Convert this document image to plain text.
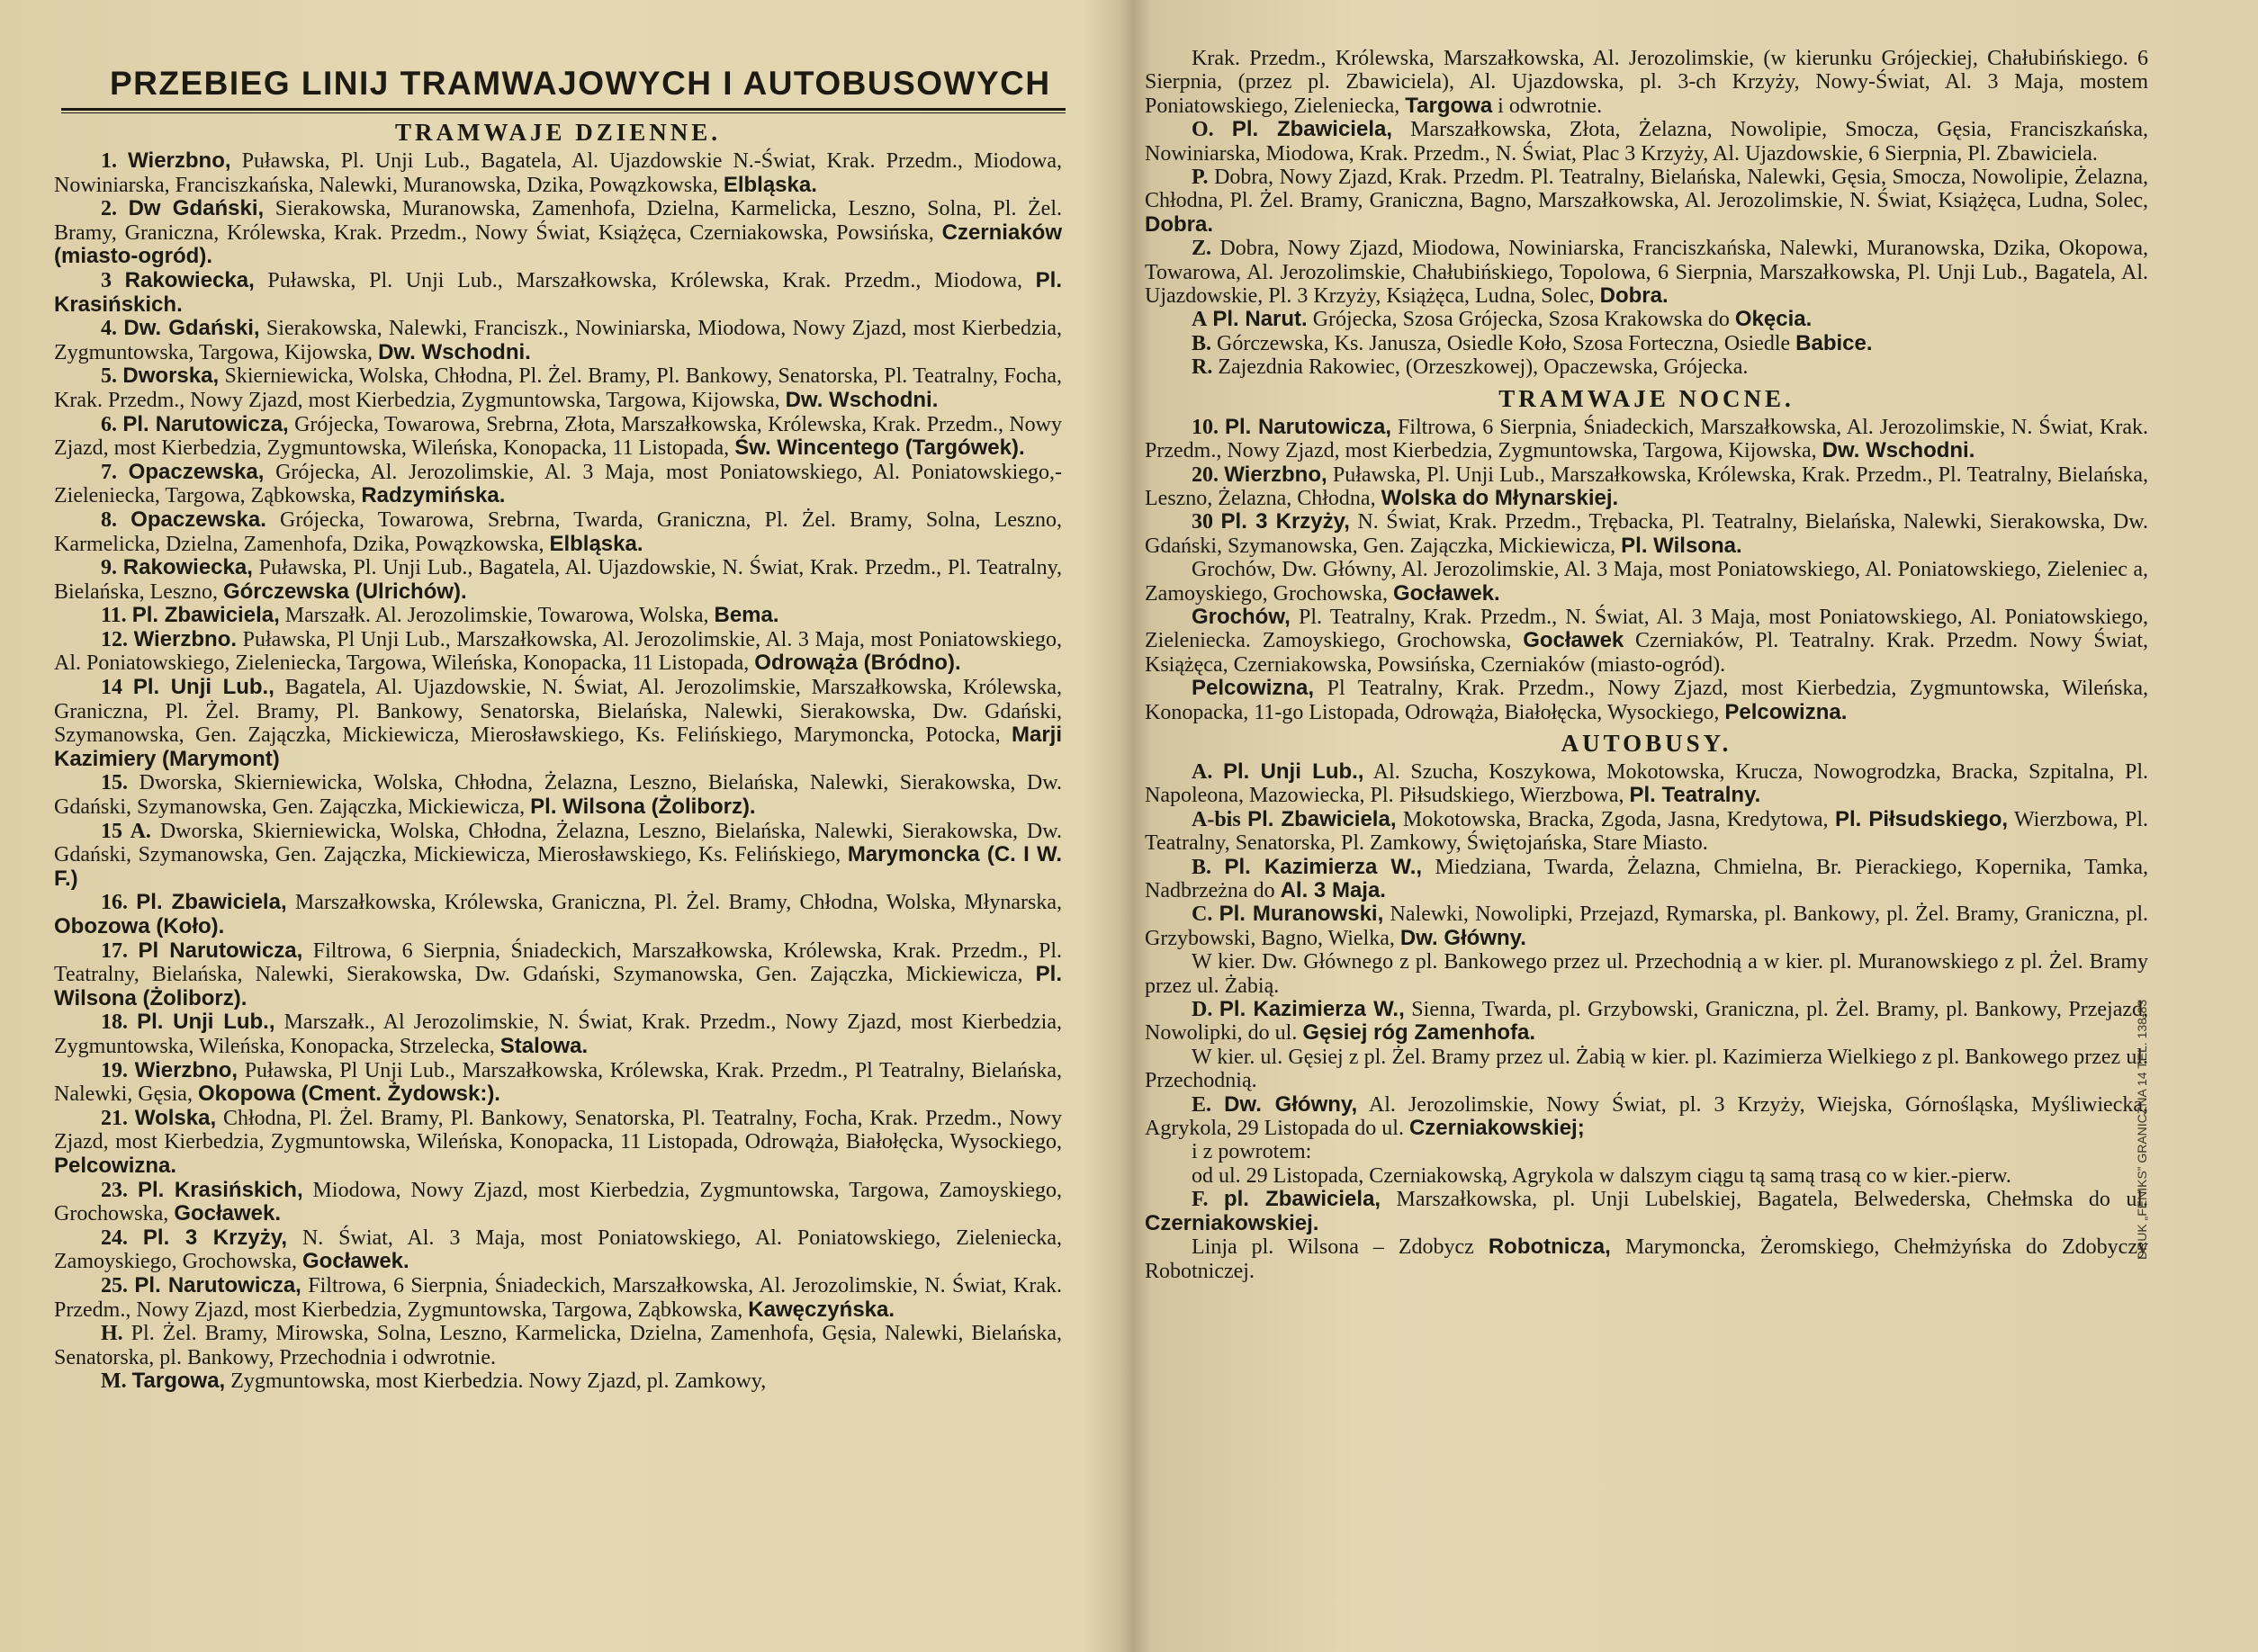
PRZEBIEG LINIJ TRAMWAJOWYCH I AUTOBUSOWYCH
TRAMWAJE DZIENNE.

1. Wierzbno, Puławska, Pl. Unji Lub., Bagatela, Al. Ujazdowskie N.-Świat, Krak. Przedm., Miodowa, Nowiniarska, Franciszkańska, Nalewki, Muranowska, Dzika, Powązkowska, Elbląska.

2. Dw Gdański, Sierakowska, Muranowska, Zamenhofa, Dzielna, Karmelicka, Leszno, Solna, Pl. Żel. Bramy, Graniczna, Królewska, Krak. Przedm., Nowy Świat, Książęca, Czerniakowska, Powsińska, Czerniaków (miasto-ogród).

3 Rakowiecka, Puławska, Pl. Unji Lub., Marszałkowska, Królewska, Krak. Przedm., Miodowa, Pl. Krasińskich.

4. Dw. Gdański, Sierakowska, Nalewki, Franciszk., Nowiniarska, Miodowa, Nowy Zjazd, most Kierbedzia, Zygmuntowska, Targowa, Kijowska, Dw. Wschodni.

5. Dworska, Skierniewicka, Wolska, Chłodna, Pl. Żel. Bramy, Pl. Bankowy, Senatorska, Pl. Teatralny, Focha, Krak. Przedm., Nowy Zjazd, most Kierbedzia, Zygmuntowska, Targowa, Kijowska, Dw. Wschodni.

6. Pl. Narutowicza, Grójecka, Towarowa, Srebrna, Złota, Marszałkowska, Królewska, Krak. Przedm., Nowy Zjazd, most Kierbedzia, Zygmuntowska, Wileńska, Konopacka, 11 Listopada, Św. Wincentego (Targówek).

7. Opaczewska, Grójecka, Al. Jerozolimskie, Al. 3 Maja, most Poniatowskiego, Al. Poniatowskiego,-Zieleniecka, Targowa, Ząbkowska, Radzymińska.

8. Opaczewska. Grójecka, Towarowa, Srebrna, Twarda, Graniczna, Pl. Żel. Bramy, Solna, Leszno, Karmelicka, Dzielna, Zamenhofa, Dzika, Powązkowska, Elbląska.

9. Rakowiecka, Puławska, Pl. Unji Lub., Bagatela, Al. Ujazdowskie, N. Świat, Krak. Przedm., Pl. Teatralny, Bielańska, Leszno, Górczewska (Ulrichów).

11. Pl. Zbawiciela, Marszałk. Al. Jerozolimskie, Towarowa, Wolska, Bema.

12. Wierzbno. Puławska, Pl Unji Lub., Marszałkowska, Al. Jerozolimskie, Al. 3 Maja, most Poniatowskiego, Al. Poniatowskiego, Zieleniecka, Targowa, Wileńska, Konopacka, 11 Listopada, Odrowąża (Bródno).

14 Pl. Unji Lub., Bagatela, Al. Ujazdowskie, N. Świat, Al. Jerozolimskie, Marszałkowska, Królewska, Graniczna, Pl. Żel. Bramy, Pl. Bankowy, Senatorska, Bielańska, Nalewki, Sierakowska, Dw. Gdański, Szymanowska, Gen. Zajączka, Mickiewicza, Mierosławskiego, Ks. Felińskiego, Marymoncka, Potocka, Marji Kazimiery (Marymont)

15. Dworska, Skierniewicka, Wolska, Chłodna, Żelazna, Leszno, Bielańska, Nalewki, Sierakowska, Dw. Gdański, Szymanowska, Gen. Zajączka, Mickiewicza, Pl. Wilsona (Żoliborz).

15 A. Dworska, Skierniewicka, Wolska, Chłodna, Żelazna, Leszno, Bielańska, Nalewki, Sierakowska, Dw. Gdański, Szymanowska, Gen. Zajączka, Mickiewicza, Mierosławskiego, Ks. Felińskiego, Marymoncka (C. I W. F.)

16. Pl. Zbawiciela, Marszałkowska, Królewska, Graniczna, Pl. Żel. Bramy, Chłodna, Wolska, Młynarska, Obozowa (Koło).

17. Pl Narutowicza, Filtrowa, 6 Sierpnia, Śniadeckich, Marszałkowska, Królewska, Krak. Przedm., Pl. Teatralny, Bielańska, Nalewki, Sierakowska, Dw. Gdański, Szymanowska, Gen. Zajączka, Mickiewicza, Pl. Wilsona (Żoliborz).

18. Pl. Unji Lub., Marszałk., Al Jerozolimskie, N. Świat, Krak. Przedm., Nowy Zjazd, most Kierbedzia, Zygmuntowska, Wileńska, Konopacka, Strzelecka, Stalowa.

19. Wierzbno, Puławska, Pl Unji Lub., Marszałkowska, Królewska, Krak. Przedm., Pl Teatralny, Bielańska, Nalewki, Gęsia, Okopowa (Cment. Żydowsk:).

21. Wolska, Chłodna, Pl. Żel. Bramy, Pl. Bankowy, Senatorska, Pl. Teatralny, Focha, Krak. Przedm., Nowy Zjazd, most Kierbedzia, Zygmuntowska, Wileńska, Konopacka, 11 Listopada, Odrowąża, Białołęcka, Wysockiego, Pelcowizna.

23. Pl. Krasińskich, Miodowa, Nowy Zjazd, most Kierbedzia, Zygmuntowska, Targowa, Zamoyskiego, Grochowska, Gocławek.

24. Pl. 3 Krzyży, N. Świat, Al. 3 Maja, most Poniatowskiego, Al. Poniatowskiego, Zieleniecka, Zamoyskiego, Grochowska, Gocławek.

25. Pl. Narutowicza, Filtrowa, 6 Sierpnia, Śniadeckich, Marszałkowska, Al. Jerozolimskie, N. Świat, Krak. Przedm., Nowy Zjazd, most Kierbedzia, Zygmuntowska, Targowa, Ząbkowska, Kawęczyńska.

H. Pl. Żel. Bramy, Mirowska, Solna, Leszno, Karmelicka, Dzielna, Zamenhofa, Gęsia, Nalewki, Bielańska, Senatorska, pl. Bankowy, Przechodnia i odwrotnie.

M. Targowa, Zygmuntowska, most Kierbedzia. Nowy Zjazd, pl. Zamkowy,

Krak. Przedm., Królewska, Marszałkowska, Al. Jerozolimskie, (w kierunku Grójeckiej, Chałubińskiego. 6 Sierpnia, (przez pl. Zbawiciela), Al. Ujazdowska, pl. 3-ch Krzyży, Nowy-Świat, Al. 3 Maja, mostem Poniatowskiego, Zieleniecka, Targowa i odwrotnie.

O. Pl. Zbawiciela, Marszałkowska, Złota, Żelazna, Nowolipie, Smocza, Gęsia, Franciszkańska, Nowiniarska, Miodowa, Krak. Przedm., N. Świat, Plac 3 Krzyży, Al. Ujazdowskie, 6 Sierpnia, Pl. Zbawiciela.

P. Dobra, Nowy Zjazd, Krak. Przedm. Pl. Teatralny, Bielańska, Nalewki, Gęsia, Smocza, Nowolipie, Żelazna, Chłodna, Pl. Żel. Bramy, Graniczna, Bagno, Marszałkowska, Al. Jerozolimskie, N. Świat, Książęca, Ludna, Solec, Dobra.

Z. Dobra, Nowy Zjazd, Miodowa, Nowiniarska, Franciszkańska, Nalewki, Muranowska, Dzika, Okopowa, Towarowa, Al. Jerozolimskie, Chałubińskiego, Topolowa, 6 Sierpnia, Marszałkowska, Pl. Unji Lub., Bagatela, Al. Ujazdowskie, Pl. 3 Krzyży, Książęca, Ludna, Solec, Dobra.

A Pl. Narut. Grójecka, Szosa Grójecka, Szosa Krakowska do Okęcia.

B. Górczewska, Ks. Janusza, Osiedle Koło, Szosa Forteczna, Osiedle Babice.

R. Zajezdnia Rakowiec, (Orzeszkowej), Opaczewska, Grójecka.

TRAMWAJE NOCNE.

10. Pl. Narutowicza, Filtrowa, 6 Sierpnia, Śniadeckich, Marszałkowska, Al. Jerozolimskie, N. Świat, Krak. Przedm., Nowy Zjazd, most Kierbedzia, Zygmuntowska, Targowa, Kijowska, Dw. Wschodni.

20. Wierzbno, Puławska, Pl. Unji Lub., Marszałkowska, Królewska, Krak. Przedm., Pl. Teatralny, Bielańska, Leszno, Żelazna, Chłodna, Wolska do Młynarskiej.

30 Pl. 3 Krzyży, N. Świat, Krak. Przedm., Trębacka, Pl. Teatralny, Bielańska, Nalewki, Sierakowska, Dw. Gdański, Szymanowska, Gen. Zajączka, Mickiewicza, Pl. Wilsona.

Grochów, Dw. Główny, Al. Jerozolimskie, Al. 3 Maja, most Poniatowskiego, Al. Poniatowskiego, Zieleniec a, Zamoyskiego, Grochowska, Gocławek.

Grochów, Pl. Teatralny, Krak. Przedm., N. Świat, Al. 3 Maja, most Poniatowskiego, Al. Poniatowskiego, Zieleniecka. Zamoyskiego, Grochowska, Gocławek Czerniaków, Pl. Teatralny. Krak. Przedm. Nowy Świat, Książęca, Czerniakowska, Powsińska, Czerniaków (miasto-ogród).

Pelcowizna, Pl Teatralny, Krak. Przedm., Nowy Zjazd, most Kierbedzia, Zygmuntowska, Wileńska, Konopacka, 11-go Listopada, Odrowąża, Białołęcka, Wysockiego, Pelcowizna.

AUTOBUSY.

A. Pl. Unji Lub., Al. Szucha, Koszykowa, Mokotowska, Krucza, Nowogrodzka, Bracka, Szpitalna, Pl. Napoleona, Mazowiecka, Pl. Piłsudskiego, Wierzbowa, Pl. Teatralny.

A-bis Pl. Zbawiciela, Mokotowska, Bracka, Zgoda, Jasna, Kredytowa, Pl. Piłsudskiego, Wierzbowa, Pl. Teatralny, Senatorska, Pl. Zamkowy, Świętojańska, Stare Miasto.

B. Pl. Kazimierza W., Miedziana, Twarda, Żelazna, Chmielna, Br. Pierackiego, Kopernika, Tamka, Nadbrzeżna do Al. 3 Maja.

C. Pl. Muranowski, Nalewki, Nowolipki, Przejazd, Rymarska, pl. Bankowy, pl. Żel. Bramy, Graniczna, pl. Grzybowski, Bagno, Wielka, Dw. Główny.

W kier. Dw. Głównego z pl. Bankowego przez ul. Przechodnią a w kier. pl. Muranowskiego z pl. Żel. Bramy przez ul. Żabią.

D. Pl. Kazimierza W., Sienna, Twarda, pl. Grzybowski, Graniczna, pl. Żel. Bramy, pl. Bankowy, Przejazd, Nowolipki, do ul. Gęsiej róg Zamenhofa.

W kier. ul. Gęsiej z pl. Żel. Bramy przez ul. Żabią w kier. pl. Kazimierza Wielkiego z pl. Bankowego przez ul. Przechodnią.

E. Dw. Główny, Al. Jerozolimskie, Nowy Świat, pl. 3 Krzyży, Wiejska, Górnośląska, Myśliwiecka, Agrykola, 29 Listopada do ul. Czerniakowskiej;

i z powrotem:

od ul. 29 Listopada, Czerniakowską, Agrykola w dalszym ciągu tą samą trasą co w kier.-pierw.

F. pl. Zbawiciela, Marszałkowska, pl. Unji Lubelskiej, Bagatela, Belwederska, Chełmska do ul. Czerniakowskiej.

Linja pl. Wilsona – Zdobycz Robotnicza, Marymoncka, Żeromskiego, Chełmżyńska do Zdobyczy Robotniczej.

DRUK „FENIKS” GRANICZNA 14 TEL. 138-83
